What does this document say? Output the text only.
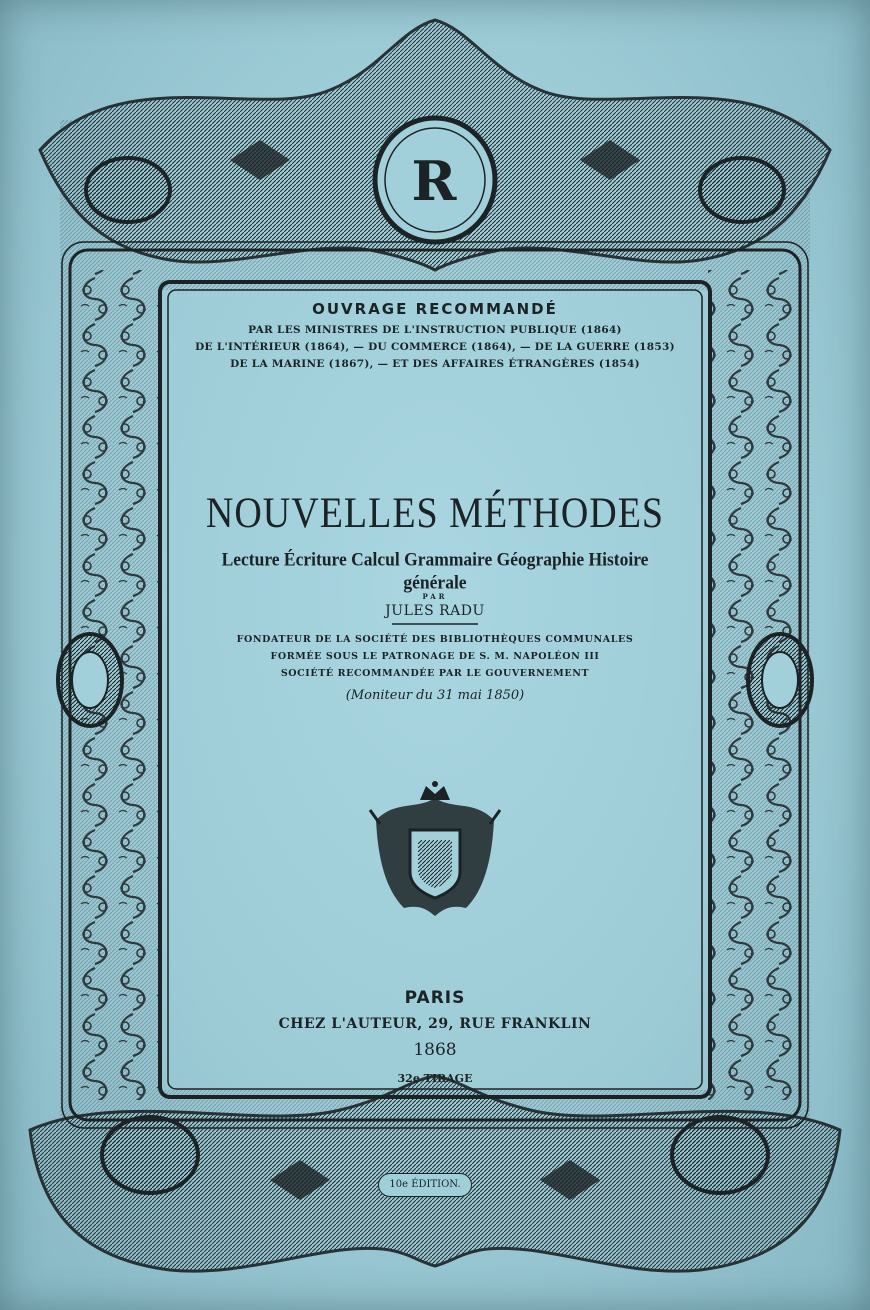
R
OUVRAGE RECOMMANDÉ
PAR LES MINISTRES DE L'INSTRUCTION PUBLIQUE (1864)
DE L'INTÉRIEUR (1864), — DU COMMERCE (1864), — DE LA GUERRE (1853)
DE LA MARINE (1867), — ET DES AFFAIRES ÉTRANGÈRES (1854)
NOUVELLES MÉTHODES
Lecture Écriture Calcul Grammaire Géographie Histoire générale
PAR
JULES RADU
FONDATEUR DE LA SOCIÉTÉ DES BIBLIOTHÈQUES COMMUNALES
FORMÉE SOUS LE PATRONAGE DE S. M. NAPOLÉON III
SOCIÉTÉ RECOMMANDÉE PAR LE GOUVERNEMENT
(Moniteur du 31 mai 1850)
PARIS
CHEZ L'AUTEUR, 29, RUE FRANKLIN
1868
32e TIRAGE
10e ÉDITION.
